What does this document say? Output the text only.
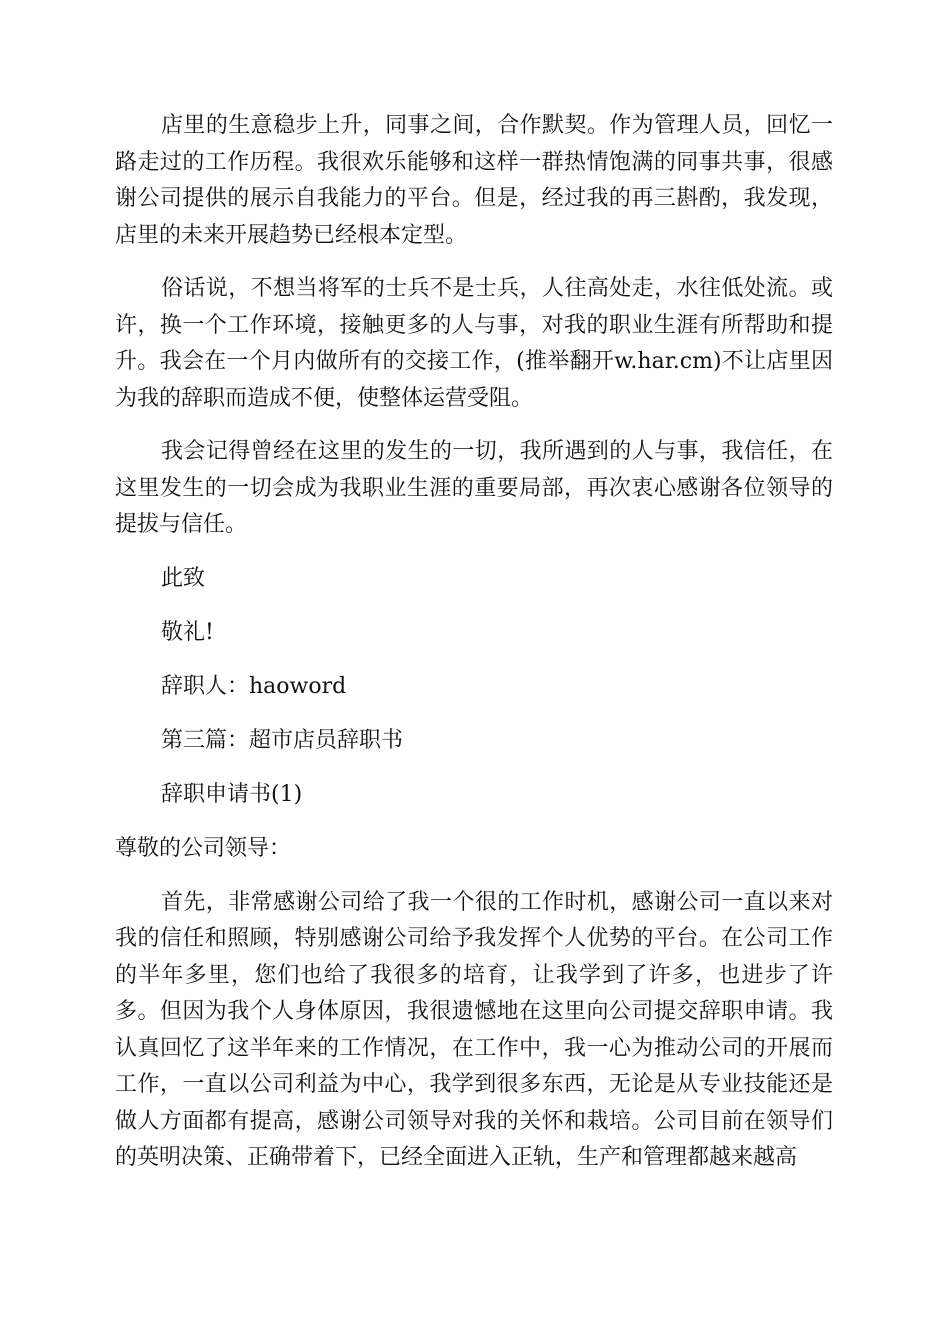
店里的生意稳步上升，同事之间，合作默契。作为管理人员，回忆一路走过的工作历程。我很欢乐能够和这样一群热情饱满的同事共事，很感谢公司提供的展示自我能力的平台。但是，经过我的再三斟酌，我发现，店里的未来开展趋势已经根本定型。

俗话说，不想当将军的士兵不是士兵，人往高处走，水往低处流。或许，换一个工作环境，接触更多的人与事，对我的职业生涯有所帮助和提升。我会在一个月内做所有的交接工作，(推举翻开w.har.cm)不让店里因为我的辞职而造成不便，使整体运营受阻。

我会记得曾经在这里的发生的一切，我所遇到的人与事，我信任，在这里发生的一切会成为我职业生涯的重要局部，再次衷心感谢各位领导的提拔与信任。

此致

敬礼!

辞职人：haoword

第三篇：超市店员辞职书

辞职申请书(1)

尊敬的公司领导：

首先，非常感谢公司给了我一个很的工作时机，感谢公司一直以来对我的信任和照顾，特别感谢公司给予我发挥个人优势的平台。在公司工作的半年多里，您们也给了我很多的培育，让我学到了许多，也进步了许多。但因为我个人身体原因，我很遗憾地在这里向公司提交辞职申请。我认真回忆了这半年来的工作情况，在工作中，我一心为推动公司的开展而工作，一直以公司利益为中心，我学到很多东西，无论是从专业技能还是做人方面都有提高，感谢公司领导对我的关怀和栽培。公司目前在领导们的英明决策、正确带着下，已经全面进入正轨，生产和管理都越来越高
